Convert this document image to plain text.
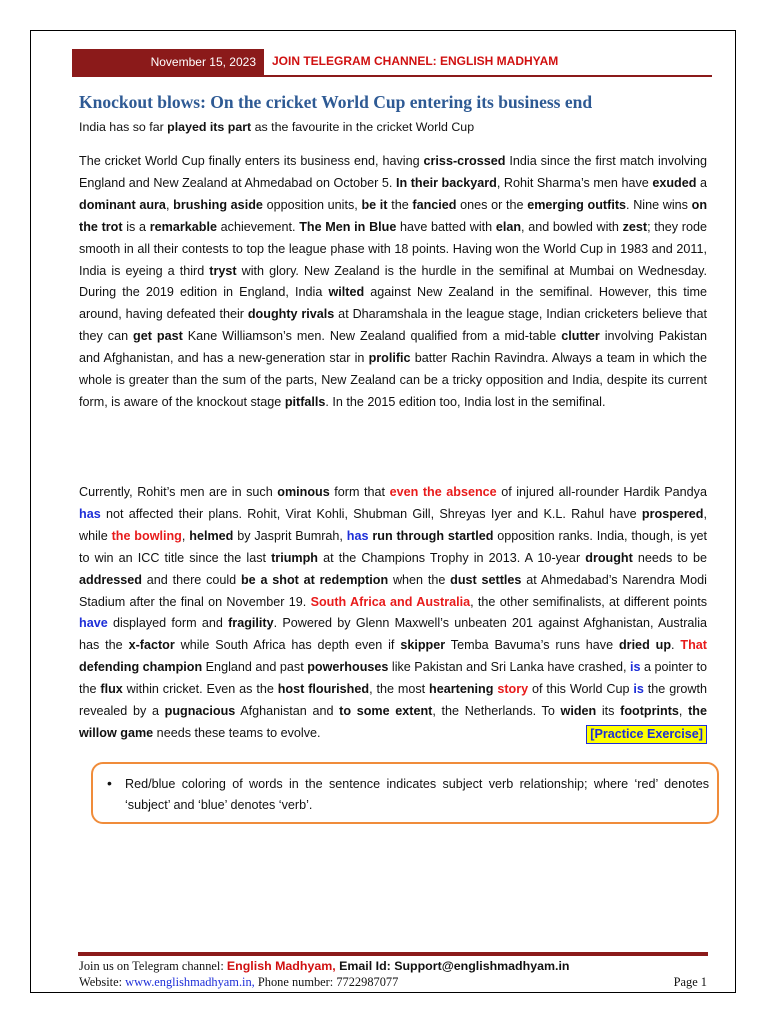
November 15, 2023	JOIN TELEGRAM CHANNEL: ENGLISH MADHYAM
Knockout blows: On the cricket World Cup entering its business end
India has so far played its part as the favourite in the cricket World Cup
The cricket World Cup finally enters its business end, having criss-crossed India since the first match involving England and New Zealand at Ahmedabad on October 5. In their backyard, Rohit Sharma’s men have exuded a dominant aura, brushing aside opposition units, be it the fancied ones or the emerging outfits. Nine wins on the trot is a remarkable achievement. The Men in Blue have batted with elan, and bowled with zest; they rode smooth in all their contests to top the league phase with 18 points. Having won the World Cup in 1983 and 2011, India is eyeing a third tryst with glory. New Zealand is the hurdle in the semifinal at Mumbai on Wednesday. During the 2019 edition in England, India wilted against New Zealand in the semifinal. However, this time around, having defeated their doughty rivals at Dharamshala in the league stage, Indian cricketers believe that they can get past Kane Williamson’s men. New Zealand qualified from a mid-table clutter involving Pakistan and Afghanistan, and has a new-generation star in prolific batter Rachin Ravindra. Always a team in which the whole is greater than the sum of the parts, New Zealand can be a tricky opposition and India, despite its current form, is aware of the knockout stage pitfalls. In the 2015 edition too, India lost in the semifinal.
Currently, Rohit’s men are in such ominous form that even the absence of injured all-rounder Hardik Pandya has not affected their plans. Rohit, Virat Kohli, Shubman Gill, Shreyas Iyer and K.L. Rahul have prospered, while the bowling, helmed by Jasprit Bumrah, has run through startled opposition ranks. India, though, is yet to win an ICC title since the last triumph at the Champions Trophy in 2013. A 10-year drought needs to be addressed and there could be a shot at redemption when the dust settles at Ahmedabad’s Narendra Modi Stadium after the final on November 19. South Africa and Australia, the other semifinalists, at different points have displayed form and fragility. Powered by Glenn Maxwell’s unbeaten 201 against Afghanistan, Australia has the x-factor while South Africa has depth even if skipper Temba Bavuma’s runs have dried up. That defending champion England and past powerhouses like Pakistan and Sri Lanka have crashed, is a pointer to the flux within cricket. Even as the host flourished, the most heartening story of this World Cup is the growth revealed by a pugnacious Afghanistan and to some extent, the Netherlands. To widen its footprints, the willow game needs these teams to evolve.	[Practice Exercise]
• Red/blue coloring of words in the sentence indicates subject verb relationship; where ‘red’ denotes ‘subject’ and ‘blue’ denotes ‘verb’.
Join us on Telegram channel: English Madhyam, Email Id: Support@englishmadhyam.in
Website: www.englishmadhyam.in, Phone number: 7722987077	Page 1
